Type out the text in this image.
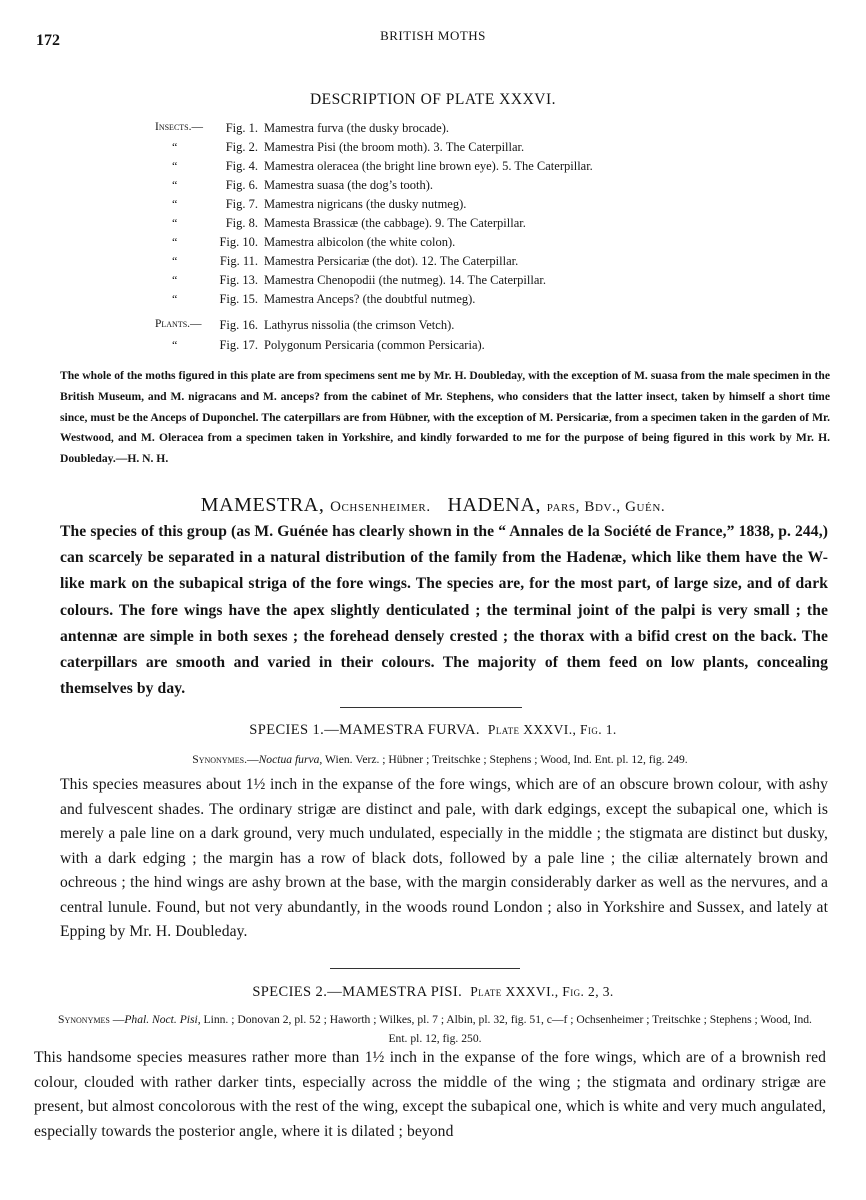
172	BRITISH MOTHS
DESCRIPTION OF PLATE XXXVI.
Insects.—	Fig. 1. Mamestra furva (the dusky brocade).
“	Fig. 2. Mamestra Pisi (the broom moth). 3. The Caterpillar.
“	Fig. 4. Mamestra oleracea (the bright line brown eye). 5. The Caterpillar.
“	Fig. 6. Mamestra suasa (the dog’s tooth).
“	Fig. 7. Mamestra nigricans (the dusky nutmeg).
“	Fig. 8. Mamesta Brassicæ (the cabbage). 9. The Caterpillar.
“	Fig. 10. Mamestra albicolon (the white colon).
“	Fig. 11. Mamestra Persicariæ (the dot). 12. The Caterpillar.
“	Fig. 13. Mamestra Chenopodii (the nutmeg). 14. The Caterpillar.
“	Fig. 15. Mamestra Anceps? (the doubtful nutmeg).
Plants.—	Fig. 16. Lathyrus nissolia (the crimson Vetch).
“	Fig. 17. Polygonum Persicaria (common Persicaria).
The whole of the moths figured in this plate are from specimens sent me by Mr. H. Doubleday, with the exception of M. suasa from the male specimen in the British Museum, and M. nigracans and M. anceps? from the cabinet of Mr. Stephens, who considers that the latter insect, taken by himself a short time since, must be the Anceps of Duponchel. The caterpillars are from Hübner, with the exception of M. Persicariæ, from a specimen taken in the garden of Mr. Westwood, and M. Oleracea from a specimen taken in Yorkshire, and kindly forwarded to me for the purpose of being figured in this work by Mr. H. Doubleday.—H. N. H.
MAMESTRA, Ochsenheimer. HADENA, pars, Bdv., Guén.
The species of this group (as M. Guénée has clearly shown in the “ Annales de la Société de France,” 1838, p. 244,) can scarcely be separated in a natural distribution of the family from the Hadenæ, which like them have the W-like mark on the subapical striga of the fore wings. The species are, for the most part, of large size, and of dark colours. The fore wings have the apex slightly denticulated ; the terminal joint of the palpi is very small ; the antennæ are simple in both sexes ; the forehead densely crested ; the thorax with a bifid crest on the back. The caterpillars are smooth and varied in their colours. The majority of them feed on low plants, concealing themselves by day.
SPECIES 1.—MAMESTRA FURVA. Plate XXXVI., Fig. 1.
Synonymes.—Noctua furva, Wien. Verz. ; Hübner ; Treitschke ; Stephens ; Wood, Ind. Ent. pl. 12, fig. 249.
This species measures about 1½ inch in the expanse of the fore wings, which are of an obscure brown colour, with ashy and fulvescent shades. The ordinary strigæ are distinct and pale, with dark edgings, except the subapical one, which is merely a pale line on a dark ground, very much undulated, especially in the middle ; the stigmata are distinct but dusky, with a dark edging ; the margin has a row of black dots, followed by a pale line ; the ciliæ alternately brown and ochreous ; the hind wings are ashy brown at the base, with the margin considerably darker as well as the nervures, and a central lunule. Found, but not very abundantly, in the woods round London ; also in Yorkshire and Sussex, and lately at Epping by Mr. H. Doubleday.
SPECIES 2.—MAMESTRA PISI. Plate XXXVI., Fig. 2, 3.
Synonymes —Phal. Noct. Pisi, Linn. ; Donovan 2, pl. 52 ; Haworth ; Wilkes, pl. 7 ; Albin, pl. 32, fig. 51, c—f ; Ochsenheimer ; Treitschke ; Stephens ; Wood, Ind. Ent. pl. 12, fig. 250.
This handsome species measures rather more than 1½ inch in the expanse of the fore wings, which are of a brownish red colour, clouded with rather darker tints, especially across the middle of the wing ; the stigmata and ordinary strigæ are present, but almost concolorous with the rest of the wing, except the subapical one, which is white and very much angulated, especially towards the posterior angle, where it is dilated ; beyond
